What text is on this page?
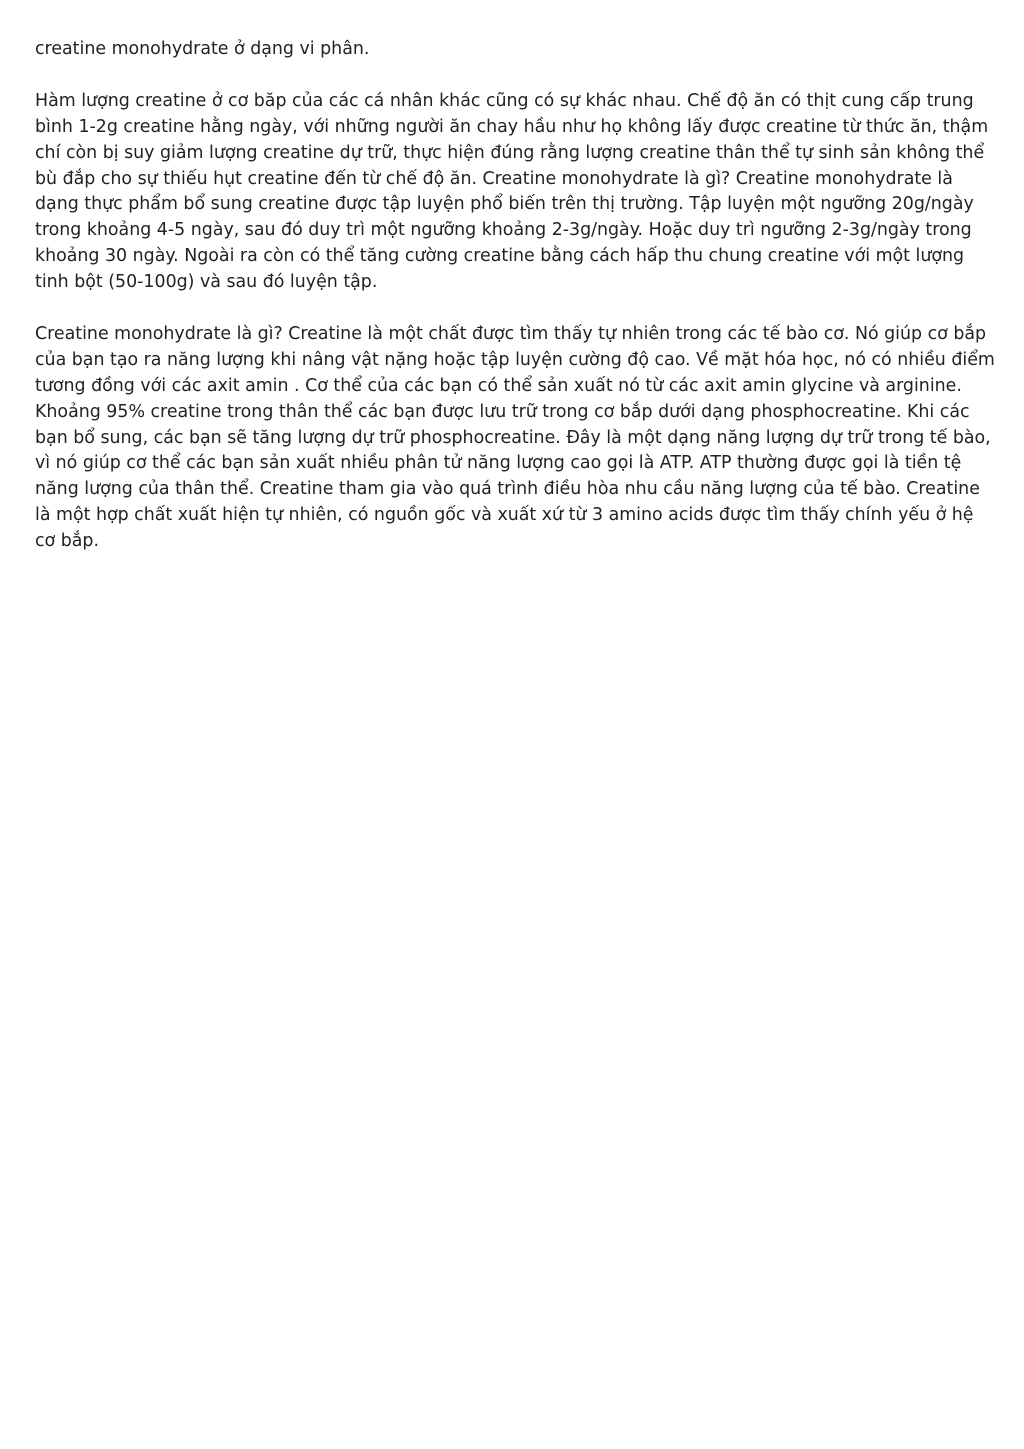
creatine monohydrate ở dạng vi phân.

Hàm lượng creatine ở cơ băp của các cá nhân khác cũng có sự khác nhau. Chế độ ăn có thịt cung cấp trung bình 1-2g creatine hằng ngày, với những người ăn chay hầu như họ không lấy được creatine từ thức ăn, thậm chí còn bị suy giảm lượng creatine dự trữ, thực hiện đúng rằng lượng creatine thân thể tự sinh sản không thể bù đắp cho sự thiếu hụt creatine đến từ chế độ ăn. Creatine monohydrate là gì? Creatine monohydrate là dạng thực phẩm bổ sung creatine được tập luyện phổ biến trên thị trường. Tập luyện một ngưỡng 20g/ngày trong khoảng 4-5 ngày, sau đó duy trì một ngưỡng khoảng 2-3g/ngày. Hoặc duy trì ngưỡng 2-3g/ngày trong khoảng 30 ngày. Ngoài ra còn có thể tăng cường creatine bằng cách hấp thu chung creatine với một lượng tinh bột (50-100g) và sau đó luyện tập.

Creatine monohydrate là gì? Creatine là một chất được tìm thấy tự nhiên trong các tế bào cơ. Nó giúp cơ bắp của bạn tạo ra năng lượng khi nâng vật nặng hoặc tập luyện cường độ cao. Về mặt hóa học, nó có nhiều điểm tương đồng với các axit amin . Cơ thể của các bạn có thể sản xuất nó từ các axit amin glycine và arginine. Khoảng 95% creatine trong thân thể các bạn được lưu trữ trong cơ bắp dưới dạng phosphocreatine. Khi các bạn bổ sung, các bạn sẽ tăng lượng dự trữ phosphocreatine. Đây là một dạng năng lượng dự trữ trong tế bào, vì nó giúp cơ thể các bạn sản xuất nhiều phân tử năng lượng cao gọi là ATP. ATP thường được gọi là tiền tệ năng lượng của thân thể. Creatine tham gia vào quá trình điều hòa nhu cầu năng lượng của tế bào. Creatine là một hợp chất xuất hiện tự nhiên, có nguồn gốc và xuất xứ từ 3 amino acids được tìm thấy chính yếu ở hệ cơ bắp.
